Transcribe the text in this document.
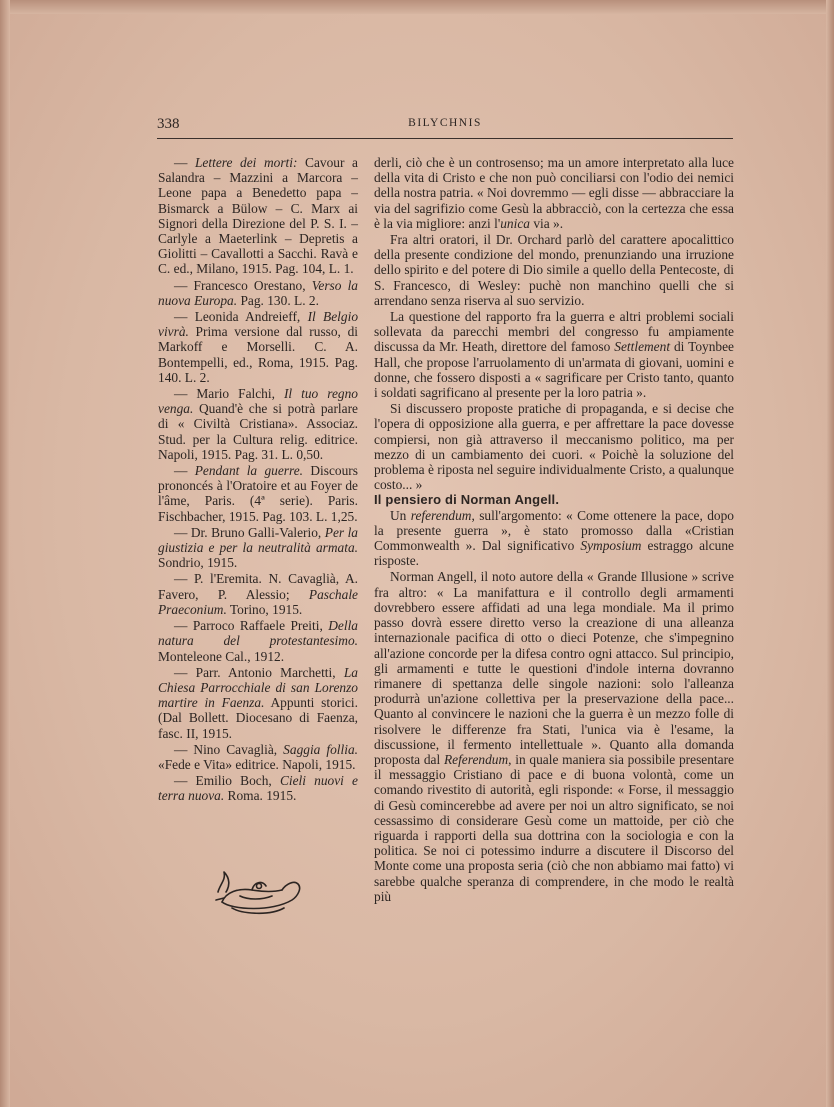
338	BILYCHNIS

— Lettere dei morti: Cavour a Salandra – Mazzini a Marcora – Leone papa a Benedetto papa – Bismarck a Bülow – C. Marx ai Signori della Direzione del P. S. I. – Carlyle a Maeterlink – Depretis a Giolitti – Cavallotti a Sacchi. Ravà e C. ed., Milano, 1915. Pag. 104, L. 1.

— Francesco Orestano, Verso la nuova Europa. Pag. 130. L. 2.

— Leonida Andreieff, Il Belgio vivrà. Prima versione dal russo, di Markoff e Morselli. C. A. Bontempelli, ed., Roma, 1915. Pag. 140. L. 2.

— Mario Falchi, Il tuo regno venga. Quand'è che si potrà parlare di « Civiltà Cristiana». Associaz. Stud. per la Cultura relig. editrice. Napoli, 1915. Pag. 31. L. 0,50.

— Pendant la guerre. Discours prononcés à l'Oratoire et au Foyer de l'âme, Paris. (4ª serie). Paris. Fischbacher, 1915. Pag. 103. L. 1,25.

— Dr. Bruno Galli-Valerio, Per la giustizia e per la neutralità armata. Sondrio, 1915.

— P. l'Eremita. N. Cavaglià, A. Favero, P. Alessio; Paschale Praeconium. Torino, 1915.

— Parroco Raffaele Preiti, Della natura del protestantesimo. Monteleone Cal., 1912.

— Parr. Antonio Marchetti, La Chiesa Parrocchiale di san Lorenzo martire in Faenza. Appunti storici. (Dal Bollett. Diocesano di Faenza, fasc. II, 1915.

— Nino Cavaglià, Saggia follia. «Fede e Vita» editrice. Napoli, 1915.

— Emilio Boch, Cieli nuovi e terra nuova. Roma. 1915.

derli, ciò che è un controsenso; ma un amore interpretato alla luce della vita di Cristo e che non può conciliarsi con l'odio dei nemici della nostra patria. « Noi dovremmo — egli disse — abbracciare la via del sagrifizio come Gesù la abbracciò, con la certezza che essa è la via migliore: anzi l'unica via ».

Fra altri oratori, il Dr. Orchard parlò del carattere apocalittico della presente condizione del mondo, prenunziando una irruzione dello spirito e del potere di Dio simile a quello della Pentecoste, di S. Francesco, di Wesley: puchè non manchino quelli che si arrendano senza riserva al suo servizio.

La questione del rapporto fra la guerra e altri problemi sociali sollevata da parecchi membri del congresso fu ampiamente discussa da Mr. Heath, direttore del famoso Settlement di Toynbee Hall, che propose l'arruolamento di un'armata di giovani, uomini e donne, che fossero disposti a « sagrificare per Cristo tanto, quanto i soldati sagrificano al presente per la loro patria ».

Si discussero proposte pratiche di propaganda, e si decise che l'opera di opposizione alla guerra, e per affrettare la pace dovesse compiersi, non già attraverso il meccanismo politico, ma per mezzo di un cambiamento dei cuori. « Poichè la soluzione del problema è riposta nel seguire individualmente Cristo, a qualunque costo... »

Il pensiero di Norman Angell.

Un referendum, sull'argomento: « Come ottenere la pace, dopo la presente guerra », è stato promosso dalla «Cristian Commonwealth ». Dal significativo Symposium estraggo alcune risposte.

Norman Angell, il noto autore della « Grande Illusione » scrive fra altro: « La manifattura e il controllo degli armamenti dovrebbero essere affidati ad una lega mondiale. Ma il primo passo dovrà essere diretto verso la creazione di una alleanza internazionale pacifica di otto o dieci Potenze, che s'impegnino all'azione concorde per la difesa contro ogni attacco. Sul principio, gli armamenti e tutte le questioni d'indole interna dovranno rimanere di spettanza delle singole nazioni: solo l'alleanza produrrà un'azione collettiva per la preservazione della pace... Quanto al convincere le nazioni che la guerra è un mezzo folle di risolvere le differenze fra Stati, l'unica via è l'esame, la discussione, il fermento intellettuale ». Quanto alla domanda proposta dal Referendum, in quale maniera sia possibile presentare il messaggio Cristiano di pace e di buona volontà, come un comando rivestito di autorità, egli risponde: « Forse, il messaggio di Gesù comincerebbe ad avere per noi un altro significato, se noi cessassimo di considerare Gesù come un mattoide, per ciò che riguarda i rapporti della sua dottrina con la sociologia e con la politica. Se noi ci potessimo indurre a discutere il Discorso del Monte come una proposta seria (ciò che non abbiamo mai fatto) vi sarebbe qualche speranza di comprendere, in che modo le realtà più
